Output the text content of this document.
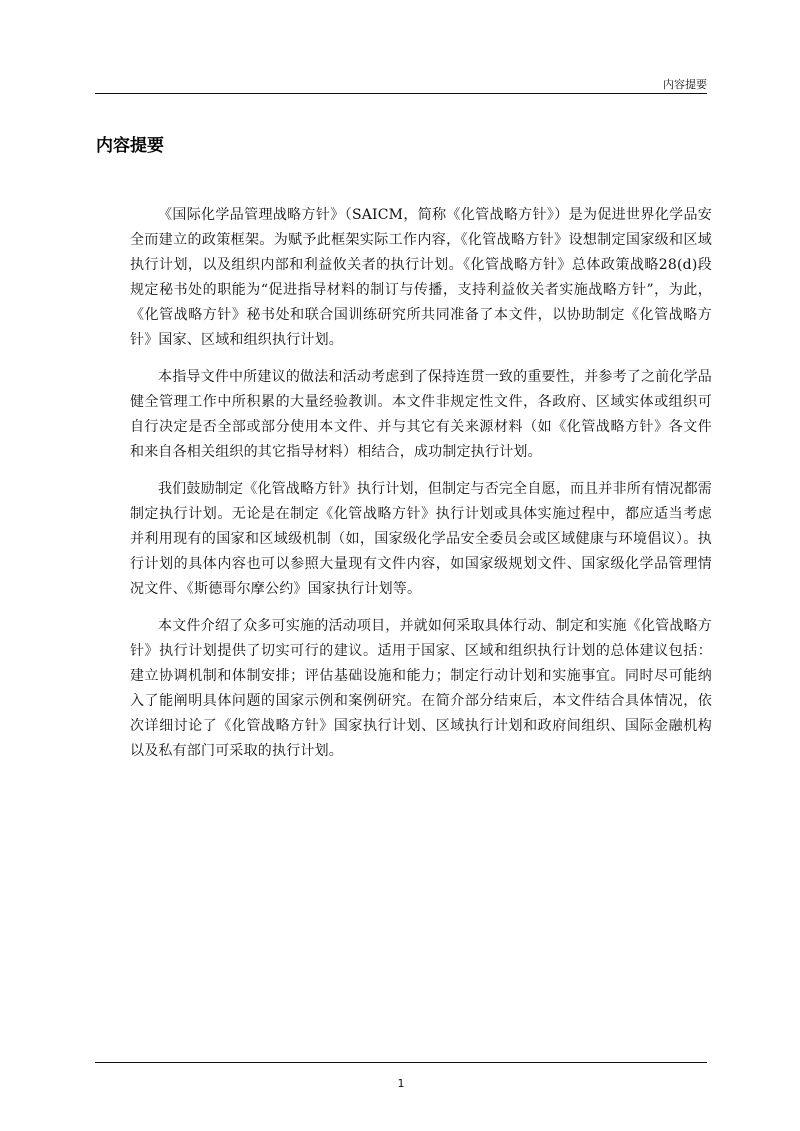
内容提要
内容提要

《国际化学品管理战略方针》（SAICM，简称《化管战略方针》）是为促进世界化学品安全而建立的政策框架。为赋予此框架实际工作内容，《化管战略方针》设想制定国家级和区域执行计划，以及组织内部和利益攸关者的执行计划。《化管战略方针》总体政策战略28(d)段规定秘书处的职能为“促进指导材料的制订与传播，支持利益攸关者实施战略方针”，为此，《化管战略方针》秘书处和联合国训练研究所共同准备了本文件，以协助制定《化管战略方针》国家、区域和组织执行计划。

本指导文件中所建议的做法和活动考虑到了保持连贯一致的重要性，并参考了之前化学品健全管理工作中所积累的大量经验教训。本文件非规定性文件，各政府、区域实体或组织可自行决定是否全部或部分使用本文件、并与其它有关来源材料（如《化管战略方针》各文件和来自各相关组织的其它指导材料）相结合，成功制定执行计划。

我们鼓励制定《化管战略方针》执行计划，但制定与否完全自愿，而且并非所有情况都需制定执行计划。无论是在制定《化管战略方针》执行计划或具体实施过程中，都应适当考虑并利用现有的国家和区域级机制（如，国家级化学品安全委员会或区域健康与环境倡议）。执行计划的具体内容也可以参照大量现有文件内容，如国家级规划文件、国家级化学品管理情况文件、《斯德哥尔摩公约》国家执行计划等。

本文件介绍了众多可实施的活动项目，并就如何采取具体行动、制定和实施《化管战略方针》执行计划提供了切实可行的建议。适用于国家、区域和组织执行计划的总体建议包括：建立协调机制和体制安排；评估基础设施和能力；制定行动计划和实施事宜。同时尽可能纳入了能阐明具体问题的国家示例和案例研究。在简介部分结束后，本文件结合具体情况，依次详细讨论了《化管战略方针》国家执行计划、区域执行计划和政府间组织、国际金融机构以及私有部门可采取的执行计划。

1
